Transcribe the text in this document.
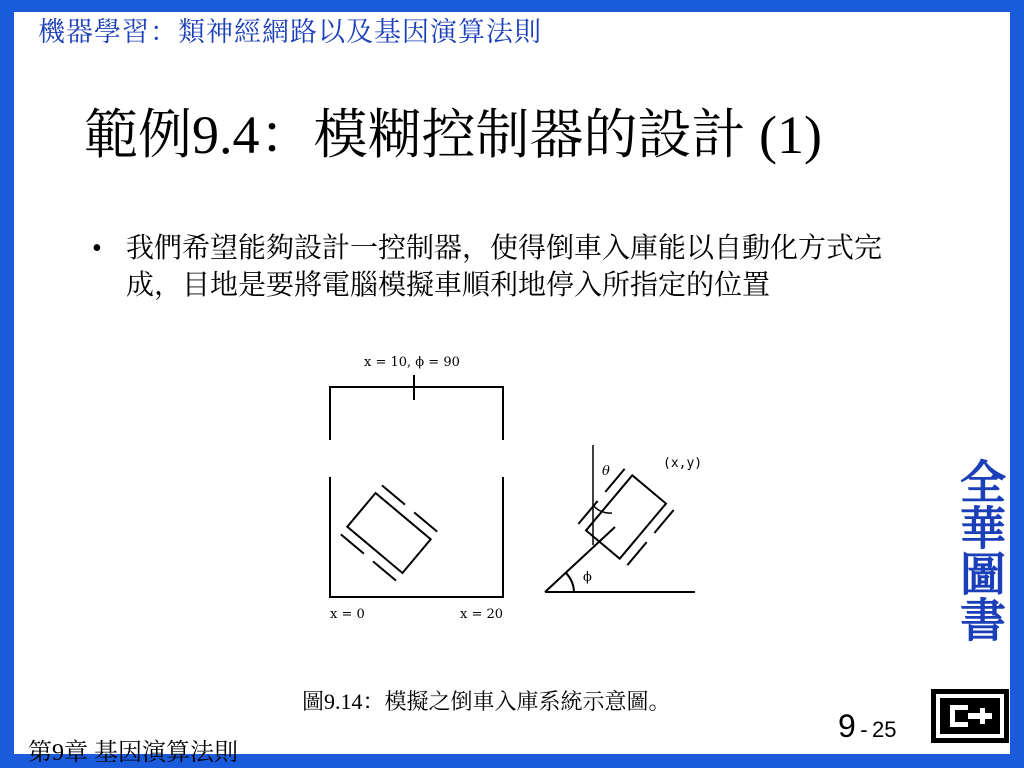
機器學習：類神經網路以及基因演算法則
範例9.4：模糊控制器的設計 (1)
• 我們希望能夠設計一控制器，使得倒車入庫能以自動化方式完成，目地是要將電腦模擬車順利地停入所指定的位置
x = 10, ϕ = 90
x = 0	x = 20
(x,y)
θ
ϕ
圖9.14：模擬之倒車入庫系統示意圖。
全華圖書
9 - 25
第9章 基因演算法則
